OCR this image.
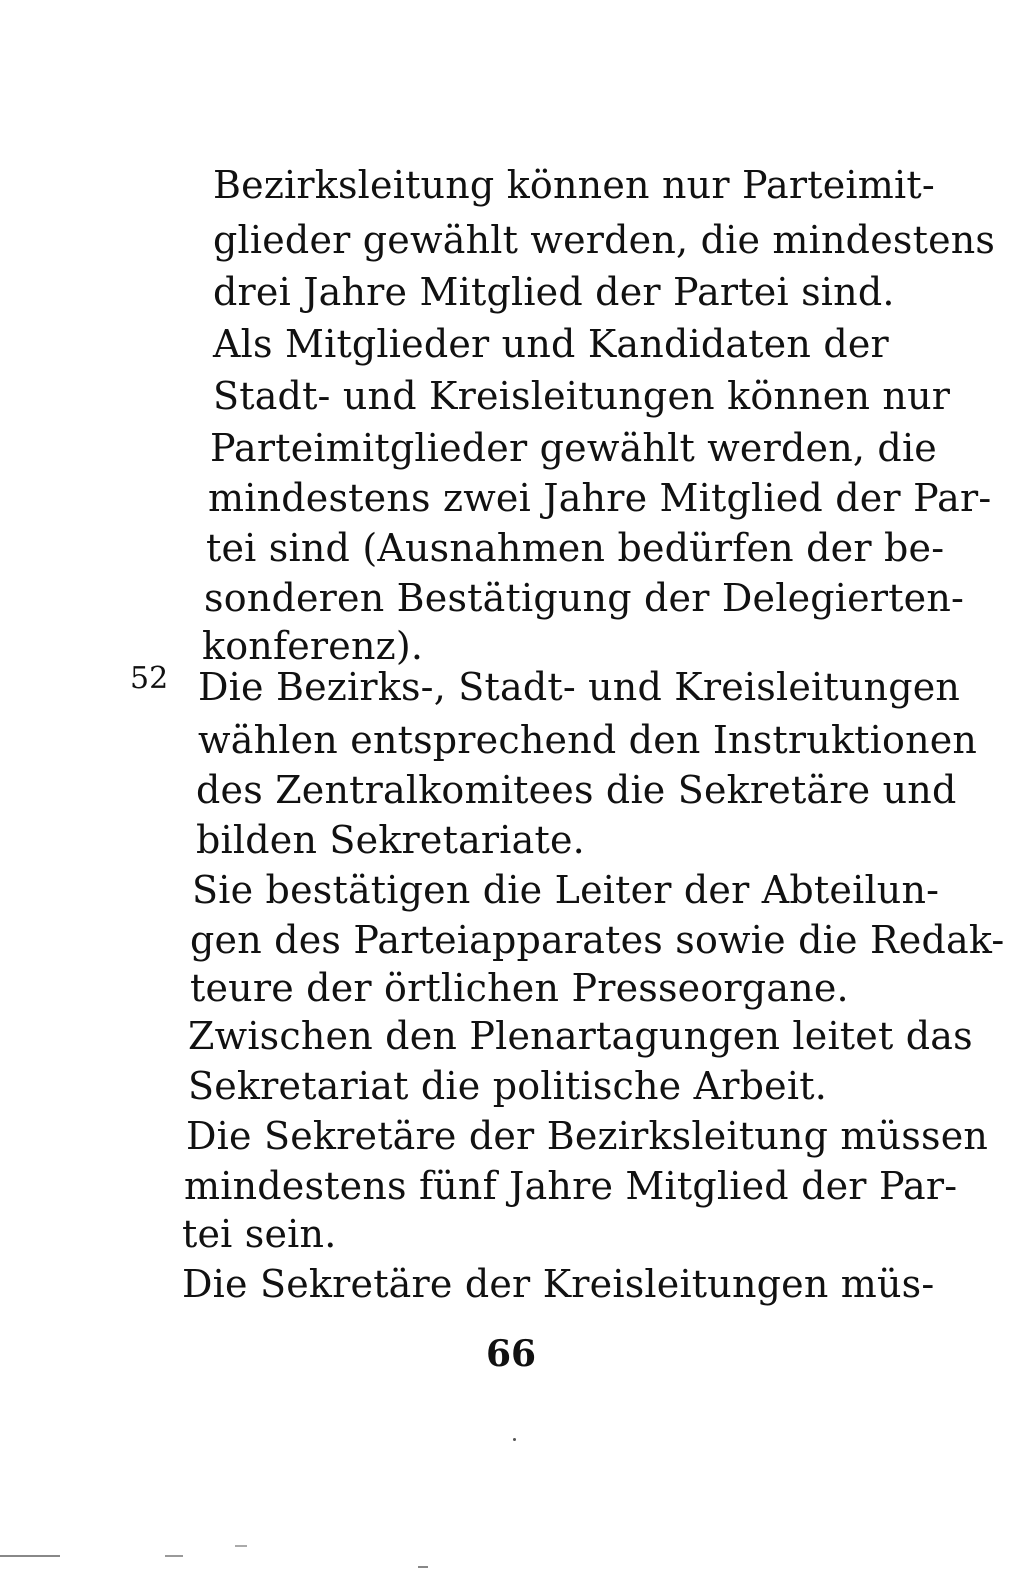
Bezirksleitung können nur Parteimit-
glieder gewählt werden, die mindestens
drei Jahre Mitglied der Partei sind.
Als Mitglieder und Kandidaten der
Stadt- und Kreisleitungen können nur
Parteimitglieder gewählt werden, die
mindestens zwei Jahre Mitglied der Par-
tei sind (Ausnahmen bedürfen der be-
sonderen Bestätigung der Delegierten-
konferenz).
52 Die Bezirks-, Stadt- und Kreisleitungen
wählen entsprechend den Instruktionen
des Zentralkomitees die Sekretäre und
bilden Sekretariate.
Sie bestätigen die Leiter der Abteilun-
gen des Parteiapparates sowie die Redak-
teure der örtlichen Presseorgane.
Zwischen den Plenartagungen leitet das
Sekretariat die politische Arbeit.
Die Sekretäre der Bezirksleitung müssen
mindestens fünf Jahre Mitglied der Par-
tei sein.
Die Sekretäre der Kreisleitungen müs-
66
